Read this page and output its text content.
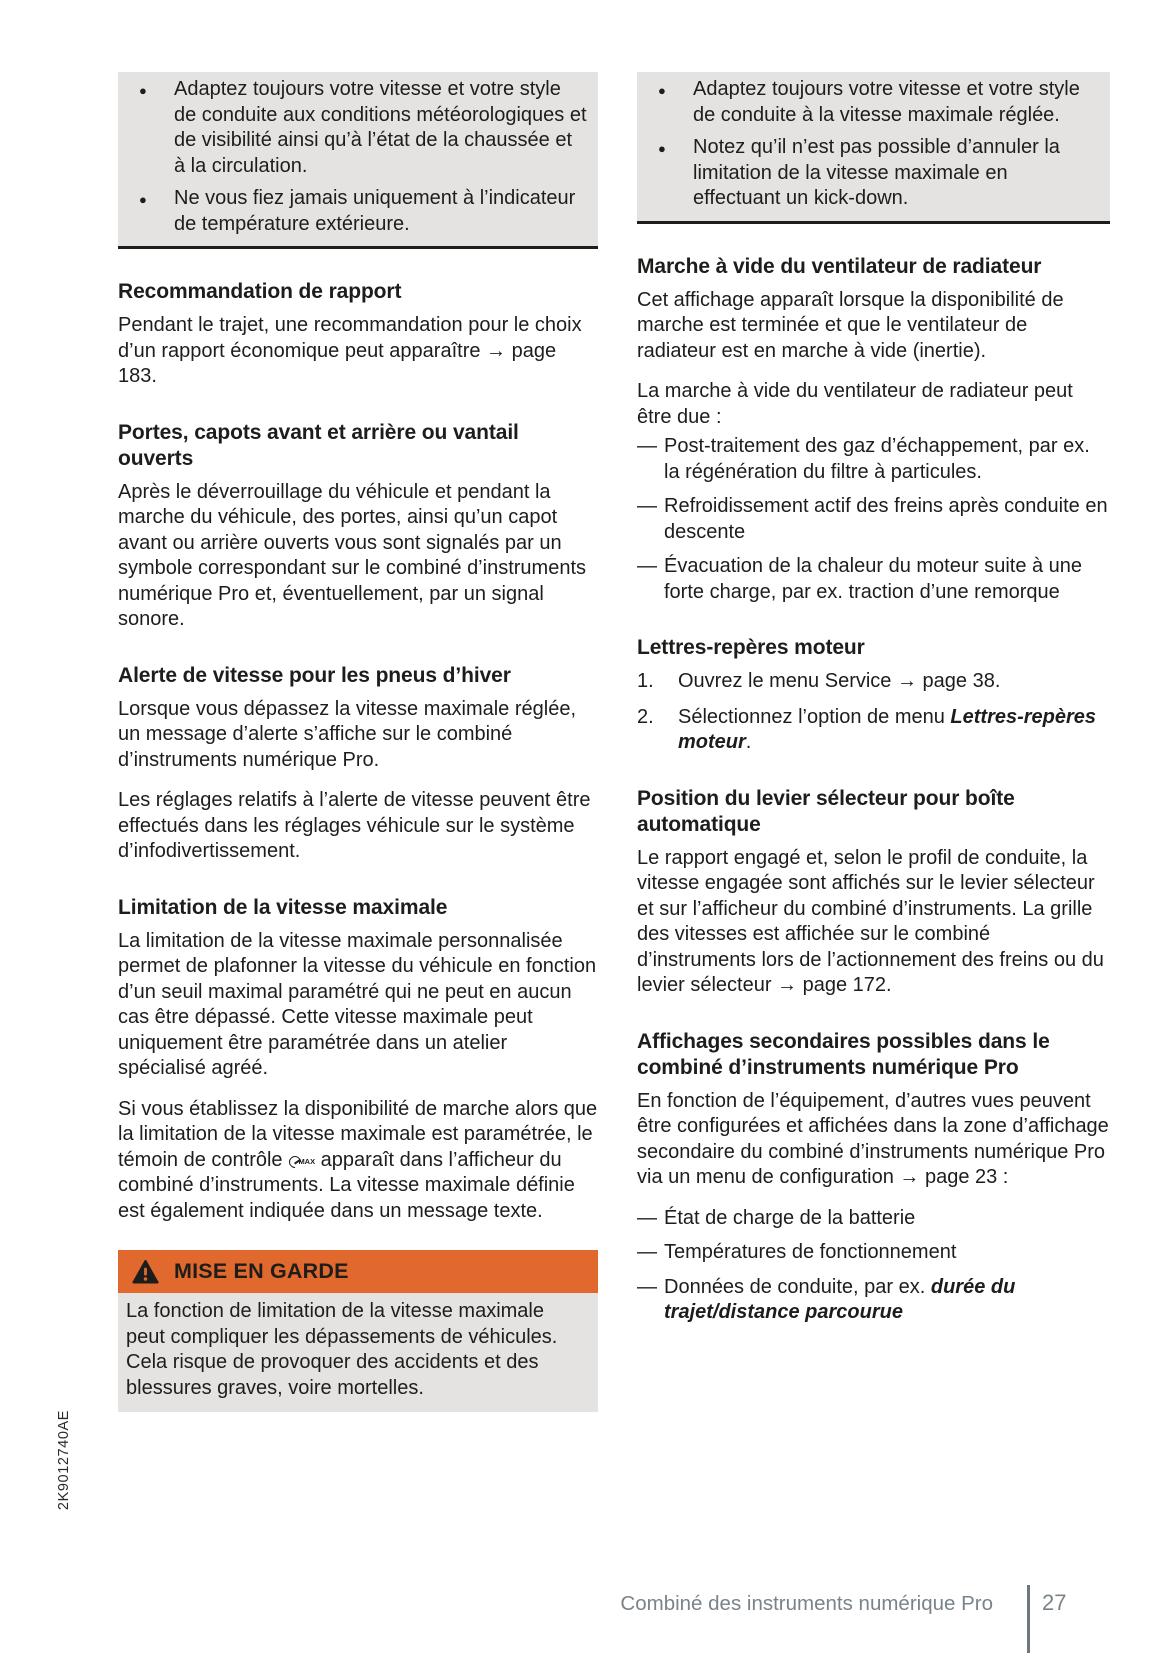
● Adaptez toujours votre vitesse et votre style de conduite aux conditions météorologiques et de visibilité ainsi qu’à l’état de la chaussée et à la circulation.
● Ne vous fiez jamais uniquement à l’indicateur de température extérieure.
Recommandation de rapport

Pendant le trajet, une recommandation pour le choix d’un rapport économique peut apparaître → page 183.

Portes, capots avant et arrière ou vantail ouverts

Après le déverrouillage du véhicule et pendant la marche du véhicule, des portes, ainsi qu’un capot avant ou arrière ouverts vous sont signalés par un symbole correspondant sur le combiné d’instruments numérique Pro et, éventuellement, par un signal sonore.

Alerte de vitesse pour les pneus d’hiver

Lorsque vous dépassez la vitesse maximale réglée, un message d’alerte s’affiche sur le combiné d’instruments numérique Pro.

Les réglages relatifs à l’alerte de vitesse peuvent être effectués dans les réglages véhicule sur le système d’infodivertissement.

Limitation de la vitesse maximale

La limitation de la vitesse maximale personnalisée permet de plafonner la vitesse du véhicule en fonction d’un seuil maximal paramétré qui ne peut en aucun cas être dépassé. Cette vitesse maximale peut uniquement être paramétrée dans un atelier spécialisé agréé.

Si vous établissez la disponibilité de marche alors que la limitation de la vitesse maximale est paramétrée, le témoin de contrôle MAX apparaît dans l’afficheur du combiné d’instruments. La vitesse maximale définie est également indiquée dans un message texte.

MISE EN GARDE

La fonction de limitation de la vitesse maximale peut compliquer les dépassements de véhicules. Cela risque de provoquer des accidents et des blessures graves, voire mortelles.

● Adaptez toujours votre vitesse et votre style de conduite à la vitesse maximale réglée.
● Notez qu’il n’est pas possible d’annuler la limitation de la vitesse maximale en effectuant un kick-down.
Marche à vide du ventilateur de radiateur

Cet affichage apparaît lorsque la disponibilité de marche est terminée et que le ventilateur de radiateur est en marche à vide (inertie).

La marche à vide du ventilateur de radiateur peut être due :

— Post-traitement des gaz d’échappement, par ex. la régénération du filtre à particules.
— Refroidissement actif des freins après conduite en descente
— Évacuation de la chaleur du moteur suite à une forte charge, par ex. traction d’une remorque
Lettres-repères moteur
1. Ouvrez le menu Service → page 38.
2. Sélectionnez l’option de menu Lettres-repères moteur.
Position du levier sélecteur pour boîte automatique

Le rapport engagé et, selon le profil de conduite, la vitesse engagée sont affichés sur le levier sélecteur et sur l’afficheur du combiné d’instruments. La grille des vitesses est affichée sur le combiné d’instruments lors de l’actionnement des freins ou du levier sélecteur → page 172.

Affichages secondaires possibles dans le combiné d’instruments numérique Pro

En fonction de l’équipement, d’autres vues peuvent être configurées et affichées dans la zone d’affichage secondaire du combiné d’instruments numérique Pro via un menu de configuration → page 23 :

— État de charge de la batterie
— Températures de fonctionnement
— Données de conduite, par ex. durée du trajet/distance parcourue
Combiné des instruments numérique Pro 27
2K9012740AE
